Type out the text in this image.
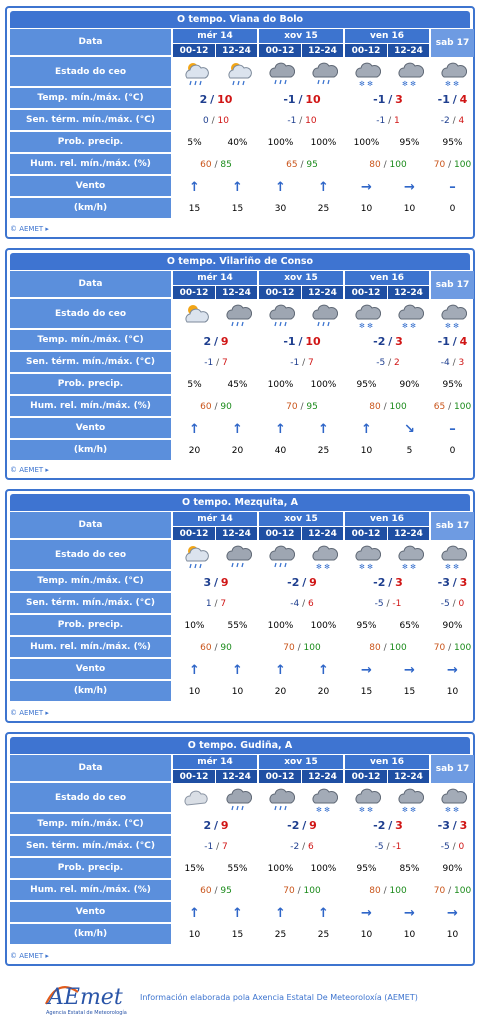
O tempo. Viana do Bolo
Data	mér 14		xov 15		ven 16		sab 17
	00-12	12-24	00-12	12-24	00-12	12-24	
Estado do ceo					✻ ✻	✻ ✻	✻ ✻

Temp. mín./máx. (°C)	2 / 10		-1 / 10		-1 / 3		-1 / 4
Sen. térm. mín./máx. (°C)	0 / 10		-1 / 10		-1 / 1		-2 / 4
Prob. precip.	5%	40%	100%	100%	100%	95%	95%
Hum. rel. mín./máx. (%)	60 / 85		65 / 95		80 / 100		70 / 100
Vento	↑	↑	↑	↑	→	→	–
(km/h)	15	15	30	25	10	10	0
© AEMET ▸
O tempo. Vilariño de Conso
Data	mér 14		xov 15		ven 16		sab 17
	00-12	12-24	00-12	12-24	00-12	12-24	
Estado do ceo					✻ ✻	✻ ✻	✻ ✻

Temp. mín./máx. (°C)	2 / 9		-1 / 10		-2 / 3		-1 / 4
Sen. térm. mín./máx. (°C)	-1 / 7		-1 / 7		-5 / 2		-4 / 3
Prob. precip.	5%	45%	100%	100%	95%	90%	95%
Hum. rel. mín./máx. (%)	60 / 90		70 / 95		80 / 100		65 / 100
Vento	↑	↑	↑	↑	↑	↘	–
(km/h)	20	20	40	25	10	5	0
© AEMET ▸
O tempo. Mezquita, A
Data	mér 14		xov 15		ven 16		sab 17
	00-12	12-24	00-12	12-24	00-12	12-24	
Estado do ceo				✻ ✻	✻ ✻	✻ ✻	✻ ✻

Temp. mín./máx. (°C)	3 / 9		-2 / 9		-2 / 3		-3 / 3
Sen. térm. mín./máx. (°C)	1 / 7		-4 / 6		-5 / -1		-5 / 0
Prob. precip.	10%	55%	100%	100%	95%	65%	90%
Hum. rel. mín./máx. (%)	60 / 90		70 / 100		80 / 100		70 / 100
Vento	↑	↑	↑	↑	→	→	→
(km/h)	10	10	20	20	15	15	10
© AEMET ▸
O tempo. Gudiña, A
Data	mér 14		xov 15		ven 16		sab 17
	00-12	12-24	00-12	12-24	00-12	12-24	
Estado do ceo				✻ ✻	✻ ✻	✻ ✻	✻ ✻

Temp. mín./máx. (°C)	2 / 9		-2 / 9		-2 / 3		-3 / 3
Sen. térm. mín./máx. (°C)	-1 / 7		-2 / 6		-5 / -1		-5 / 0
Prob. precip.	15%	55%	100%	100%	95%	85%	90%
Hum. rel. mín./máx. (%)	60 / 95		70 / 100		80 / 100		70 / 100
Vento	↑	↑	↑	↑	→	→	→
(km/h)	10	15	25	25	10	10	10
© AEMET ▸
AEmet
Agencia Estatal de Meteorología
Información elaborada pola Axencia Estatal De Meteoroloxía (AEMET)
